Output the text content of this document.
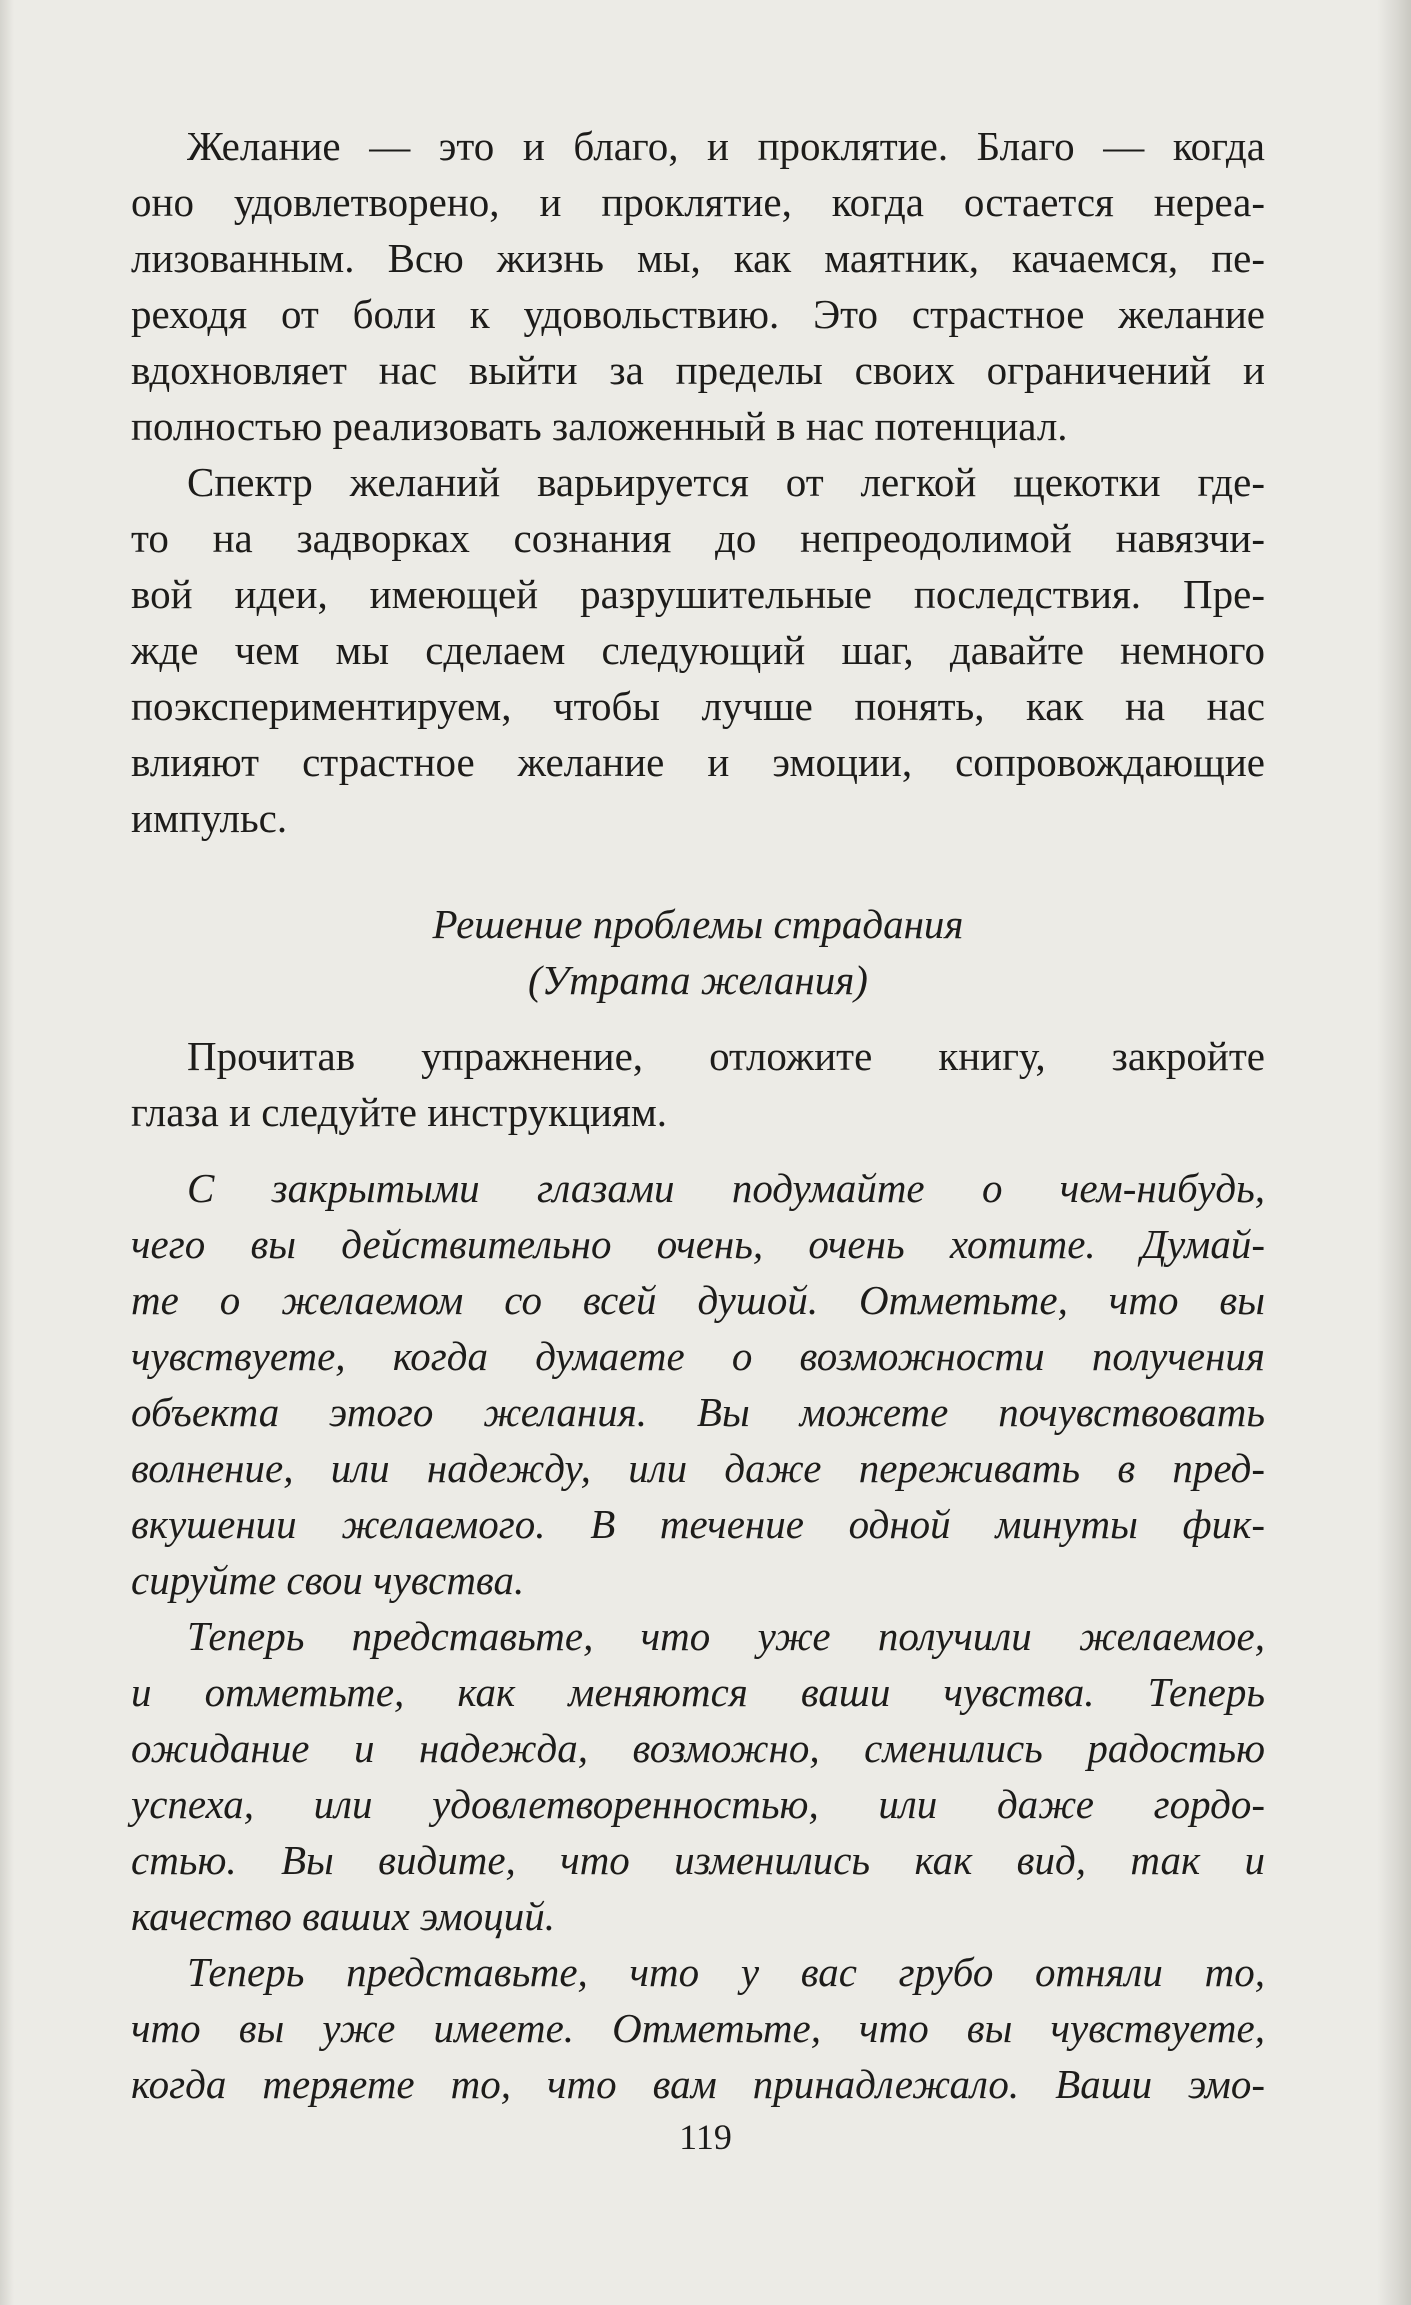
Желание — это и благо, и проклятие. Благо — когда
оно удовлетворено, и проклятие, когда остается нереа-
лизованным. Всю жизнь мы, как маятник, качаемся, пе-
реходя от боли к удовольствию. Это страстное желание
вдохновляет нас выйти за пределы своих ограничений и
полностью реализовать заложенный в нас потенциал.
Спектр желаний варьируется от легкой щекотки где-
то на задворках сознания до непреодолимой навязчи-
вой идеи, имеющей разрушительные последствия. Пре-
жде чем мы сделаем следующий шаг, давайте немного
поэкспериментируем, чтобы лучше понять, как на нас
влияют страстное желание и эмоции, сопровождающие
импульс.
Решение проблемы страдания
(Утрата желания)
Прочитав упражнение, отложите книгу, закройте
глаза и следуйте инструкциям.
С закрытыми глазами подумайте о чем-нибудь,
чего вы действительно очень, очень хотите. Думай-
те о желаемом со всей душой. Отметьте, что вы
чувствуете, когда думаете о возможности получения
объекта этого желания. Вы можете почувствовать
волнение, или надежду, или даже переживать в пред-
вкушении желаемого. В течение одной минуты фик-
сируйте свои чувства.
Теперь представьте, что уже получили желаемое,
и отметьте, как меняются ваши чувства. Теперь
ожидание и надежда, возможно, сменились радостью
успеха, или удовлетворенностью, или даже гордо-
стью. Вы видите, что изменились как вид, так и
качество ваших эмоций.
Теперь представьте, что у вас грубо отняли то,
что вы уже имеете. Отметьте, что вы чувствуете,
когда теряете то, что вам принадлежало. Ваши эмо-
119
